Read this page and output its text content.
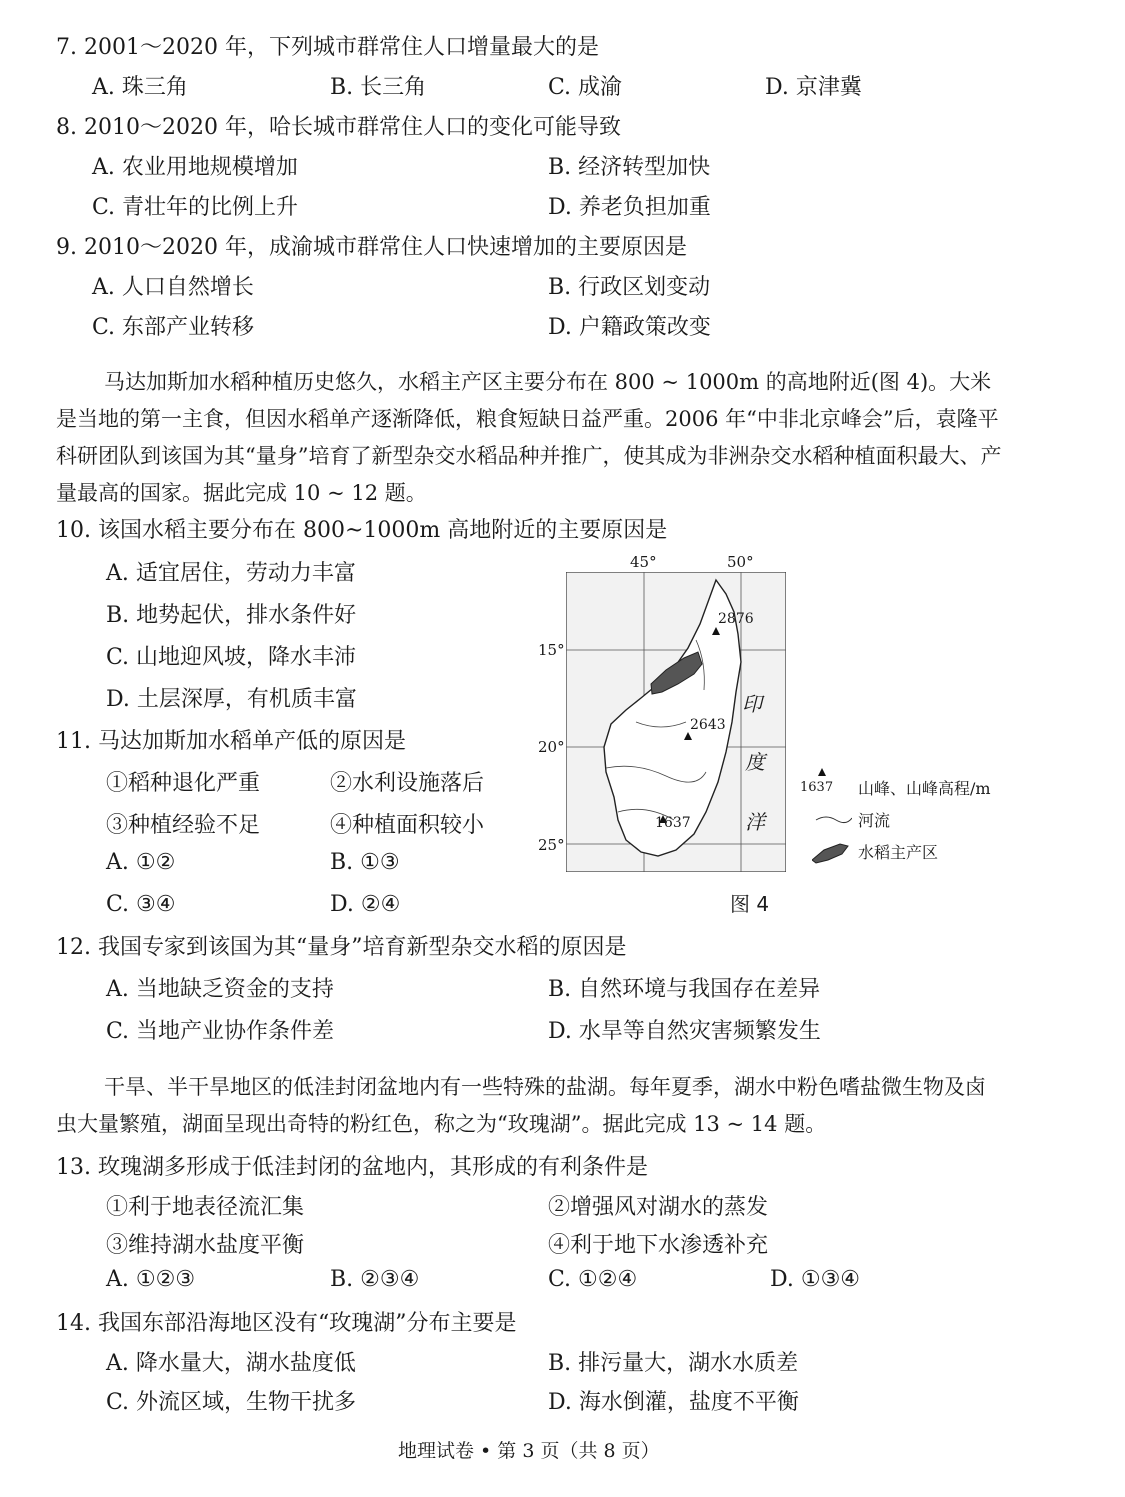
7. 2001～2020 年，下列城市群常住人口增量最大的是
A. 珠三角	B. 长三角	C. 成渝	D. 京津冀
8. 2010～2020 年，哈长城市群常住人口的变化可能导致
A. 农业用地规模增加	B. 经济转型加快
C. 青壮年的比例上升	D. 养老负担加重
9. 2010～2020 年，成渝城市群常住人口快速增加的主要原因是
A. 人口自然增长	B. 行政区划变动
C. 东部产业转移	D. 户籍政策改变
马达加斯加水稻种植历史悠久，水稻主产区主要分布在 800 ~ 1000m 的高地附近(图 4)。大米是当地的第一主食，但因水稻单产逐渐降低，粮食短缺日益严重。2006 年“中非北京峰会”后，袁隆平科研团队到该国为其“量身”培育了新型杂交水稻品种并推广，使其成为非洲杂交水稻种植面积最大、产量最高的国家。据此完成 10 ~ 12 题。
10. 该国水稻主要分布在 800~1000m 高地附近的主要原因是
A. 适宜居住，劳动力丰富
B. 地势起伏，排水条件好
C. 山地迎风坡，降水丰沛
D. 土层深厚，有机质丰富
11. 马达加斯加水稻单产低的原因是
①稻种退化严重	②水利设施落后
③种植经验不足	④种植面积较小
A. ①②	B. ①③
C. ③④	D. ②④
45°	50°
15°
20°
25°
2876
2643
1637
印
度
洋
1637 山峰、山峰高程/m
河流
水稻主产区
图 4
12. 我国专家到该国为其“量身”培育新型杂交水稻的原因是
A. 当地缺乏资金的支持	B. 自然环境与我国存在差异
C. 当地产业协作条件差	D. 水旱等自然灾害频繁发生
干旱、半干旱地区的低洼封闭盆地内有一些特殊的盐湖。每年夏季，湖水中粉色嗜盐微生物及卤虫大量繁殖，湖面呈现出奇特的粉红色，称之为“玫瑰湖”。据此完成 13 ~ 14 题。
13. 玫瑰湖多形成于低洼封闭的盆地内，其形成的有利条件是
①利于地表径流汇集	②增强风对湖水的蒸发
③维持湖水盐度平衡	④利于地下水渗透补充
A. ①②③	B. ②③④	C. ①②④	D. ①③④
14. 我国东部沿海地区没有“玫瑰湖”分布主要是
A. 降水量大，湖水盐度低	B. 排污量大，湖水水质差
C. 外流区域，生物干扰多	D. 海水倒灌，盐度不平衡
地理试卷 • 第 3 页（共 8 页）
